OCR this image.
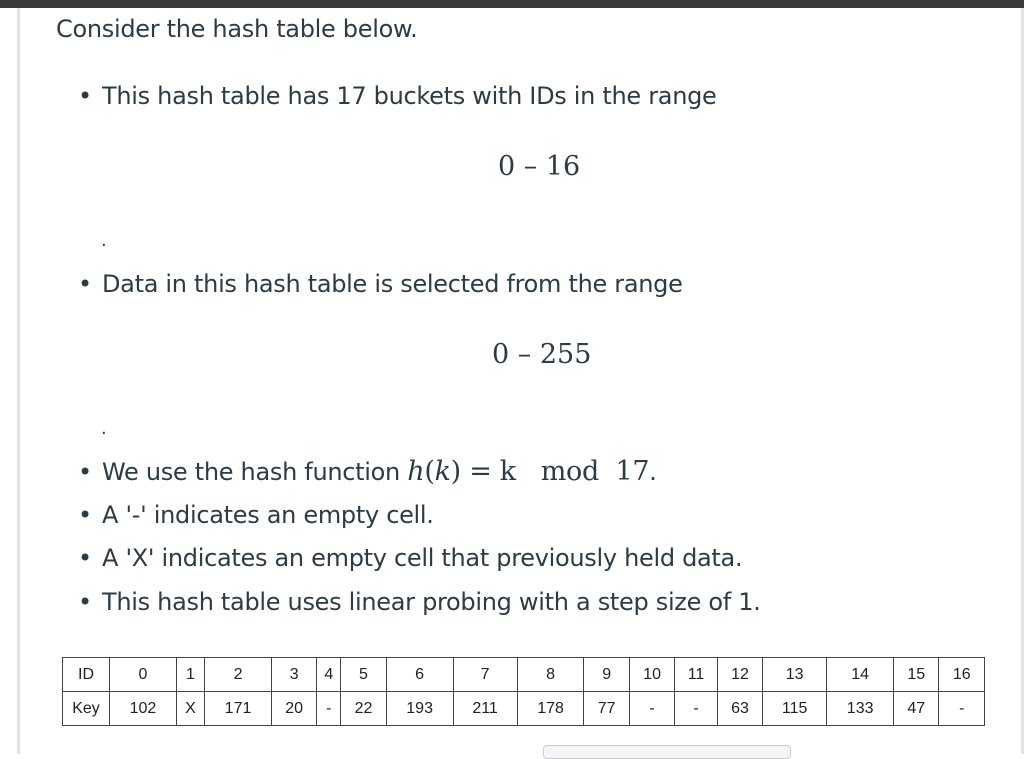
Consider the hash table below.
• This hash table has 17 buckets with IDs in the range
0 – 16
.
• Data in this hash table is selected from the range
0 – 255
.
• We use the hash function h(k) = k   mod  17.
• A '-' indicates an empty cell.
• A 'X' indicates an empty cell that previously held data.
• This hash table uses linear probing with a step size of 1.
ID	0	1	2	3	4	5	6	7	8	9	10	11	12	13	14	15	16
Key	102	X	171	20	-	22	193	211	178	77	-	-	63	115	133	47	-
